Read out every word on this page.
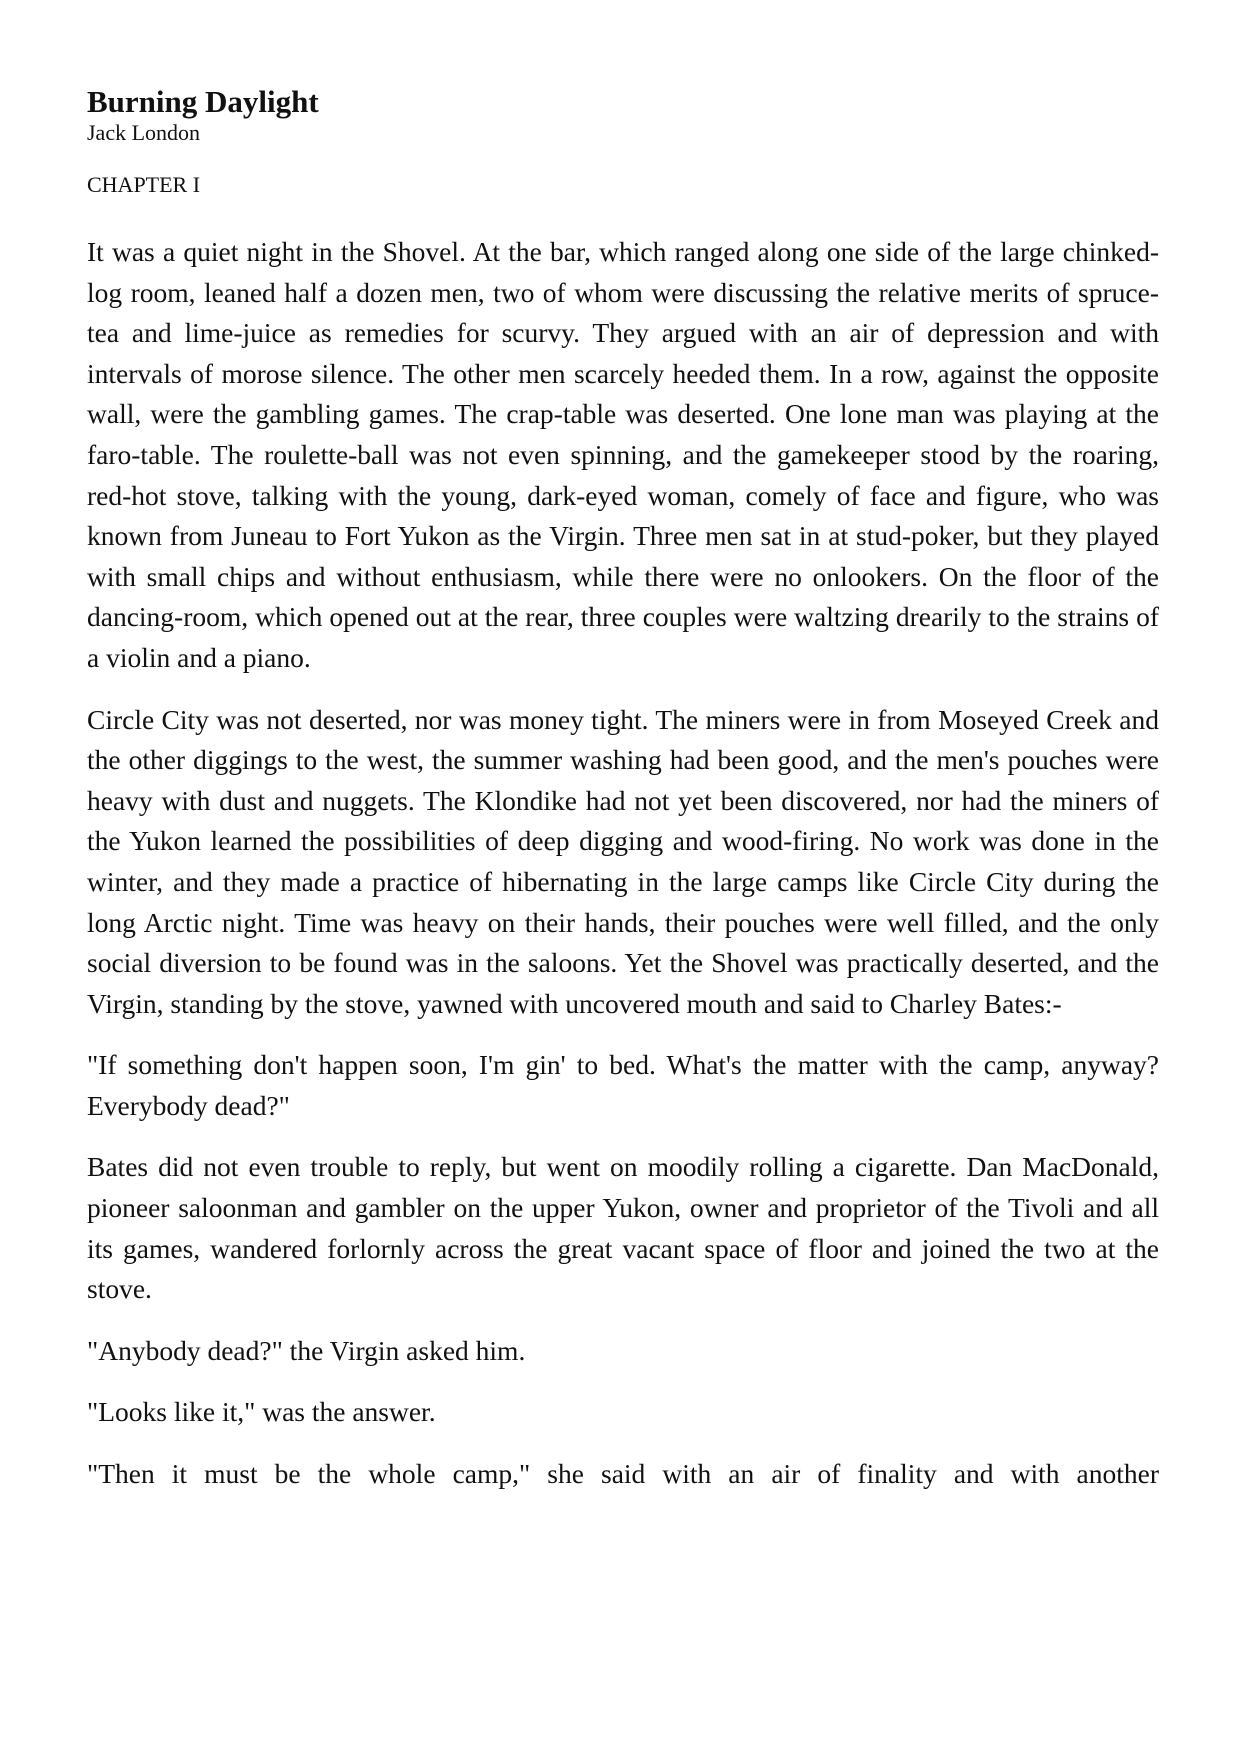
Burning Daylight
Jack London
CHAPTER I

It was a quiet night in the Shovel. At the bar, which ranged along one side of the large chinked-log room, leaned half a dozen men, two of whom were discussing the relative merits of spruce-tea and lime-juice as remedies for scurvy. They argued with an air of depression and with intervals of morose silence. The other men scarcely heeded them. In a row, against the opposite wall, were the gambling games. The crap-table was deserted. One lone man was playing at the faro-table. The roulette-ball was not even spinning, and the gamekeeper stood by the roaring, red-hot stove, talking with the young, dark-eyed woman, comely of face and figure, who was known from Juneau to Fort Yukon as the Virgin. Three men sat in at stud-poker, but they played with small chips and without enthusiasm, while there were no onlookers. On the floor of the dancing-room, which opened out at the rear, three couples were waltzing drearily to the strains of a violin and a piano.

Circle City was not deserted, nor was money tight. The miners were in from Moseyed Creek and the other diggings to the west, the summer washing had been good, and the men's pouches were heavy with dust and nuggets. The Klondike had not yet been discovered, nor had the miners of the Yukon learned the possibilities of deep digging and wood-firing. No work was done in the winter, and they made a practice of hibernating in the large camps like Circle City during the long Arctic night. Time was heavy on their hands, their pouches were well filled, and the only social diversion to be found was in the saloons. Yet the Shovel was practically deserted, and the Virgin, standing by the stove, yawned with uncovered mouth and said to Charley Bates:-

"If something don't happen soon, I'm gin' to bed. What's the matter with the camp, anyway? Everybody dead?"

Bates did not even trouble to reply, but went on moodily rolling a cigarette. Dan MacDonald, pioneer saloonman and gambler on the upper Yukon, owner and proprietor of the Tivoli and all its games, wandered forlornly across the great vacant space of floor and joined the two at the stove.

"Anybody dead?" the Virgin asked him.

"Looks like it," was the answer.

"Then it must be the whole camp," she said with an air of finality and with another
